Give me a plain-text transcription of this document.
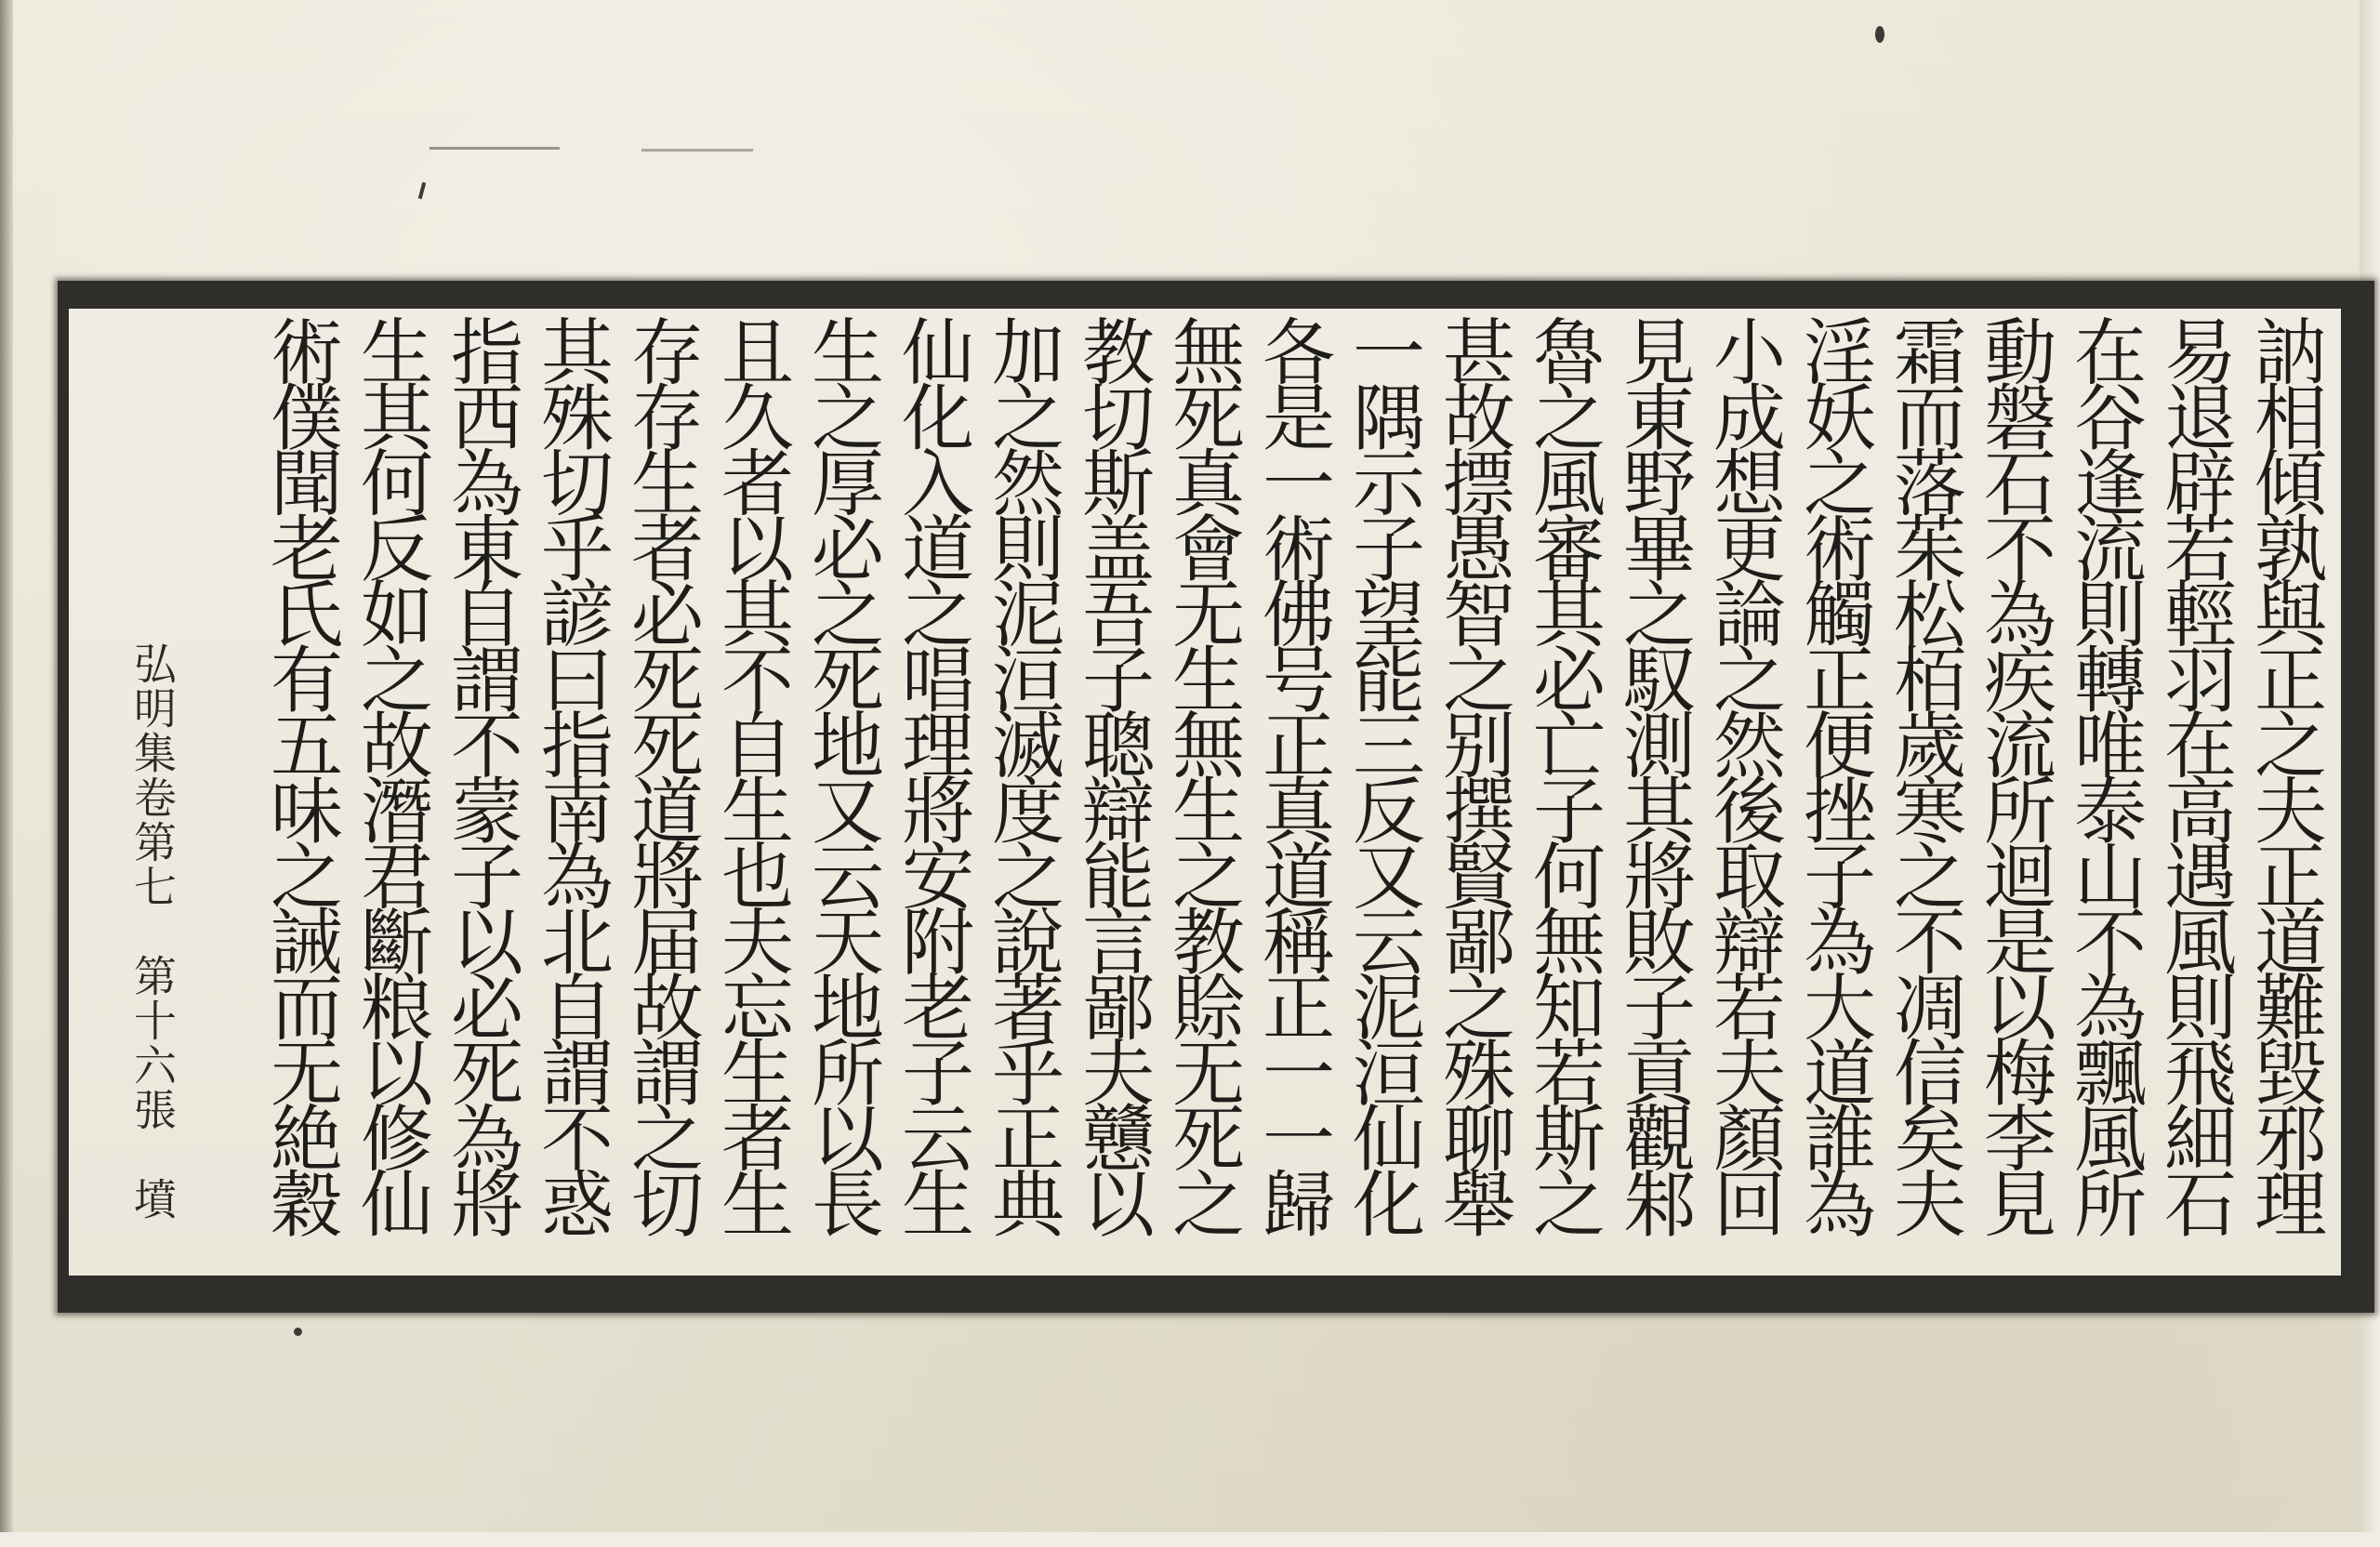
訥相傾孰與正之夫正道難毀邪理
易退辟若輕羽在高遇風則飛細石
在谷逢流則轉唯泰山不為飄風所
動磐石不為疾流所迴是以梅李見
霜而落茱松栢歲寒之不凋信矣夫
淫妖之術觸正便挫子為大道誰為
小成想更論之然後取辯若夫顏回
見東野畢之馭測其將敗子貢觀邾
魯之風審其必亡子何無知若斯之
甚故摽愚智之别撰賢鄙之殊聊舉
一隅示子望能三反又云泥洹仙化
各是一術佛号正真道稱正一一歸
無死真會无生無生之教賒无死之
教切斯盖吾子聰辯能言鄙夫戇以
加之然則泥洹滅度之說著乎正典
仙化入道之唱理將安附老子云生
生之厚必之死地又云天地所以長
且久者以其不自生也夫忘生者生
存存生者必死死道將届故謂之切
其殊切乎諺曰指南為北自謂不惑
指西為東自謂不蒙子以必死為將
生其何反如之故潛君斷粮以修仙
術僕聞老氏有五味之誡而无絶穀
弘明集卷第七　第十六張　墳
